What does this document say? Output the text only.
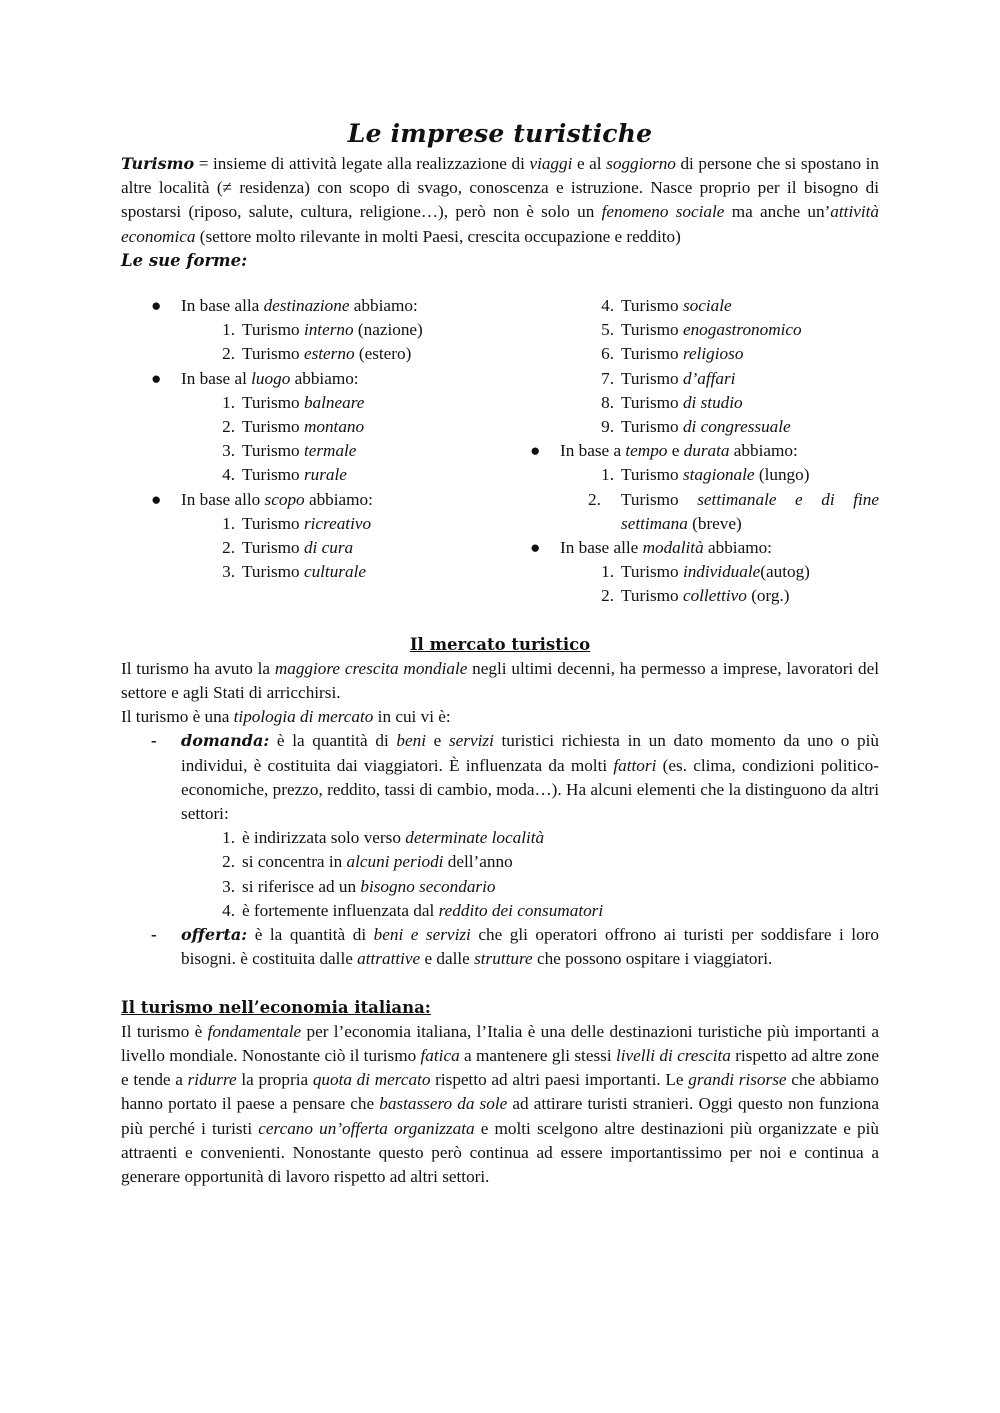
Le imprese turistiche

Turismo = insieme di attività legate alla realizzazione di viaggi e al soggiorno di persone che si spostano in altre località (≠ residenza) con scopo di svago, conoscenza e istruzione. Nasce proprio per il bisogno di spostarsi (riposo, salute, cultura, religione…), però non è solo un fenomeno sociale ma anche un’attività economica (settore molto rilevante in molti Paesi, crescita occupazione e reddito)

Le sue forme:
● In base alla destinazione abbiamo:
1. Turismo interno (nazione)
2. Turismo esterno (estero)
● In base al luogo abbiamo:
1. Turismo balneare
2. Turismo montano
3. Turismo termale
4. Turismo rurale
● In base allo scopo abbiamo:
1. Turismo ricreativo
2. Turismo di cura
3. Turismo culturale
4. Turismo sociale
5. Turismo enogastronomico
6. Turismo religioso
7. Turismo d’affari
8. Turismo di studio
9. Turismo di congressuale
● In base a tempo e durata abbiamo:
1. Turismo stagionale (lungo)
2.	Turismo settimanale e di fine settimana (breve)
● In base alle modalità abbiamo:
1. Turismo individuale(autog)
2. Turismo collettivo (org.)
Il mercato turistico

Il turismo ha avuto la maggiore crescita mondiale negli ultimi decenni, ha permesso a imprese, lavoratori del settore e agli Stati di arricchirsi.

Il turismo è una tipologia di mercato in cui vi è:

- domanda: è la quantità di beni e servizi turistici richiesta in un dato momento da uno o più individui, è costituita dai viaggiatori. È influenzata da molti fattori (es. clima, condizioni politico-economiche, prezzo, reddito, tassi di cambio, moda…). Ha alcuni elementi che la distinguono da altri settori:
1. è indirizzata solo verso determinate località
2. si concentra in alcuni periodi dell’anno
3. si riferisce ad un bisogno secondario
4. è fortemente influenzata dal reddito dei consumatori
- offerta: è la quantità di beni e servizi che gli operatori offrono ai turisti per soddisfare i loro bisogni. è costituita dalle attrattive e dalle strutture che possono ospitare i viaggiatori.
Il turismo nell’economia italiana:

Il turismo è fondamentale per l’economia italiana, l’Italia è una delle destinazioni turistiche più importanti a livello mondiale. Nonostante ciò il turismo fatica a mantenere gli stessi livelli di crescita rispetto ad altre zone e tende a ridurre la propria quota di mercato rispetto ad altri paesi importanti. Le grandi risorse che abbiamo hanno portato il paese a pensare che bastassero da sole ad attirare turisti stranieri. Oggi questo non funziona più perché i turisti cercano un’offerta organizzata e molti scelgono altre destinazioni più organizzate e più attraenti e convenienti. Nonostante questo però continua ad essere importantissimo per noi e continua a generare opportunità di lavoro rispetto ad altri settori.
